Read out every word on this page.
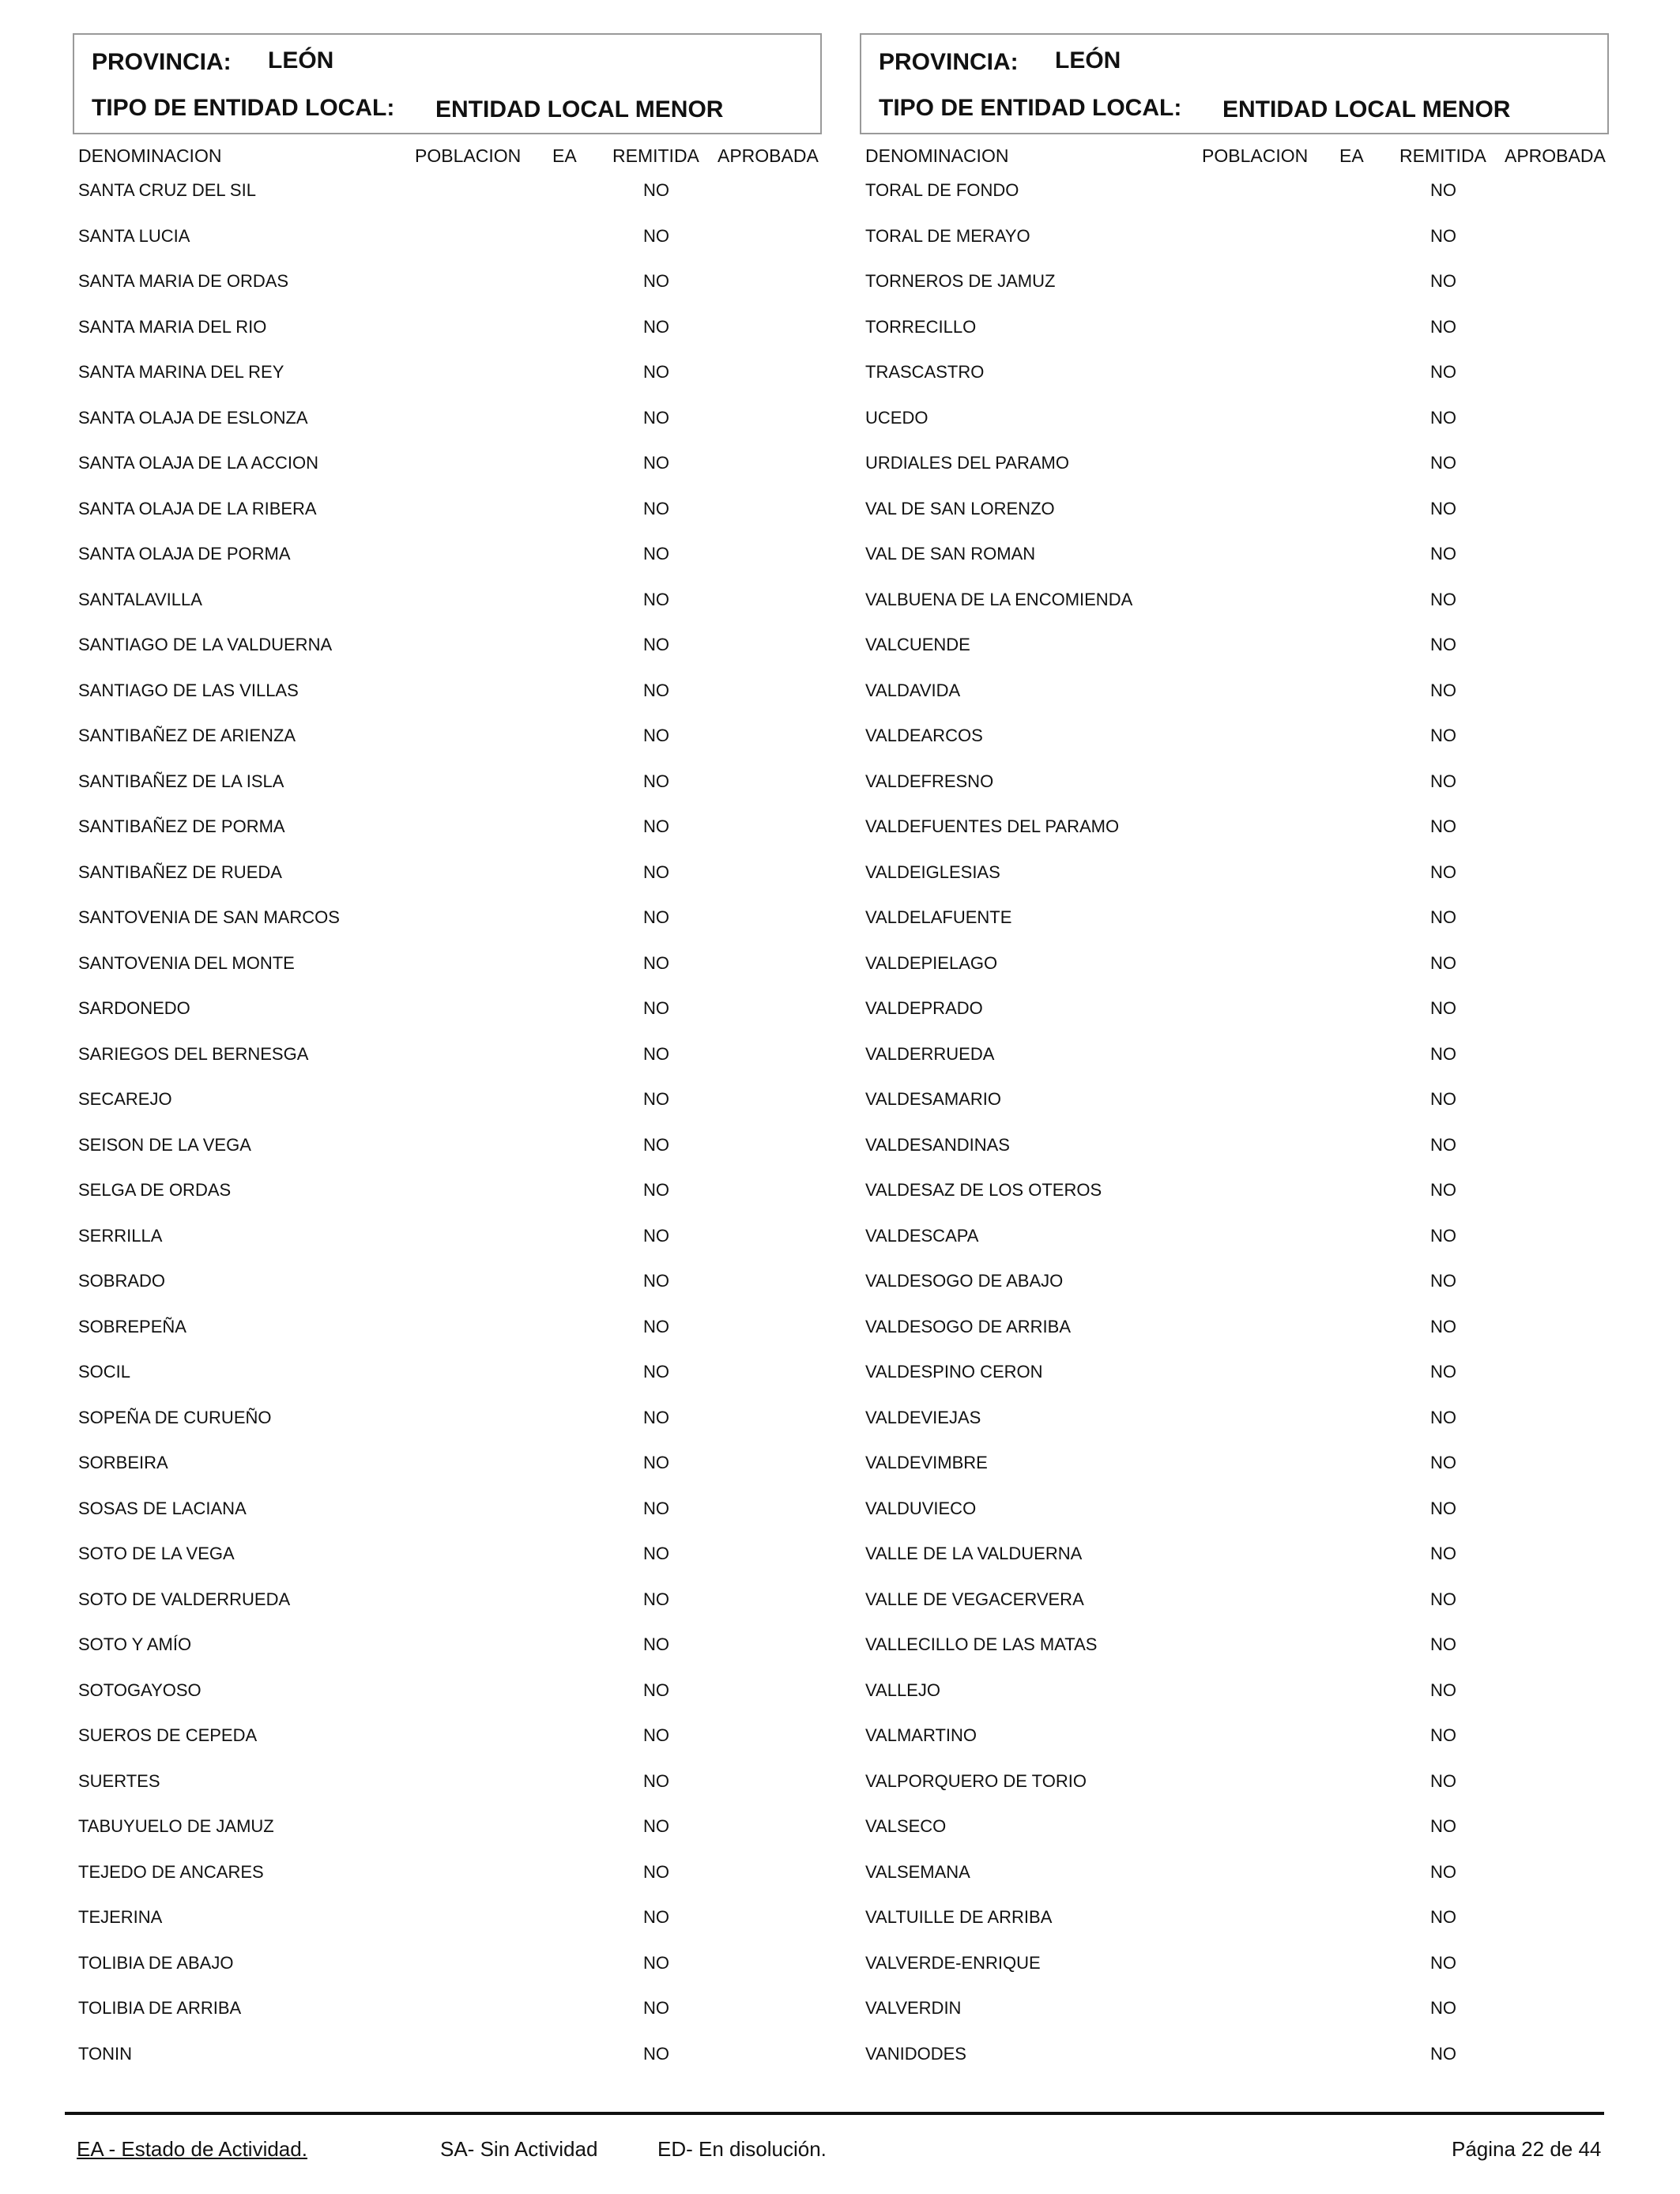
PROVINCIA: LEÓN
TIPO DE ENTIDAD LOCAL: ENTIDAD LOCAL MENOR
DENOMINACION	POBLACION EA REMITIDA APROBADA
SANTA CRUZ DEL SIL	NO
SANTA LUCIA	NO
SANTA MARIA DE ORDAS	NO
SANTA MARIA DEL RIO	NO
SANTA MARINA DEL REY	NO
SANTA OLAJA DE ESLONZA	NO
SANTA OLAJA DE LA ACCION	NO
SANTA OLAJA DE LA RIBERA	NO
SANTA OLAJA DE PORMA	NO
SANTALAVILLA	NO
SANTIAGO DE LA VALDUERNA	NO
SANTIAGO DE LAS VILLAS	NO
SANTIBAÑEZ DE ARIENZA	NO
SANTIBAÑEZ DE LA ISLA	NO
SANTIBAÑEZ DE PORMA	NO
SANTIBAÑEZ DE RUEDA	NO
SANTOVENIA DE SAN MARCOS	NO
SANTOVENIA DEL MONTE	NO
SARDONEDO	NO
SARIEGOS DEL BERNESGA	NO
SECAREJO	NO
SEISON DE LA VEGA	NO
SELGA DE ORDAS	NO
SERRILLA	NO
SOBRADO	NO
SOBREPEÑA	NO
SOCIL	NO
SOPEÑA DE CURUEÑO	NO
SORBEIRA	NO
SOSAS DE LACIANA	NO
SOTO DE LA VEGA	NO
SOTO DE VALDERRUEDA	NO
SOTO Y AMÍO	NO
SOTOGAYOSO	NO
SUEROS DE CEPEDA	NO
SUERTES	NO
TABUYUELO DE JAMUZ	NO
TEJEDO DE ANCARES	NO
TEJERINA	NO
TOLIBIA DE ABAJO	NO
TOLIBIA DE ARRIBA	NO
TONIN	NO
PROVINCIA: LEÓN
TIPO DE ENTIDAD LOCAL: ENTIDAD LOCAL MENOR
DENOMINACION	POBLACION EA REMITIDA APROBADA
TORAL DE FONDO	NO
TORAL DE MERAYO	NO
TORNEROS DE JAMUZ	NO
TORRECILLO	NO
TRASCASTRO	NO
UCEDO	NO
URDIALES DEL PARAMO	NO
VAL DE SAN LORENZO	NO
VAL DE SAN ROMAN	NO
VALBUENA DE LA ENCOMIENDA	NO
VALCUENDE	NO
VALDAVIDA	NO
VALDEARCOS	NO
VALDEFRESNO	NO
VALDEFUENTES DEL PARAMO	NO
VALDEIGLESIAS	NO
VALDELAFUENTE	NO
VALDEPIELAGO	NO
VALDEPRADO	NO
VALDERRUEDA	NO
VALDESAMARIO	NO
VALDESANDINAS	NO
VALDESAZ DE LOS OTEROS	NO
VALDESCAPA	NO
VALDESOGO DE ABAJO	NO
VALDESOGO DE ARRIBA	NO
VALDESPINO CERON	NO
VALDEVIEJAS	NO
VALDEVIMBRE	NO
VALDUVIECO	NO
VALLE DE LA VALDUERNA	NO
VALLE DE VEGACERVERA	NO
VALLECILLO DE LAS MATAS	NO
VALLEJO	NO
VALMARTINO	NO
VALPORQUERO DE TORIO	NO
VALSECO	NO
VALSEMANA	NO
VALTUILLE DE ARRIBA	NO
VALVERDE-ENRIQUE	NO
VALVERDIN	NO
VANIDODES	NO
EA - Estado de Actividad.	SA- Sin Actividad	ED- En disolución.	Página 22 de 44
